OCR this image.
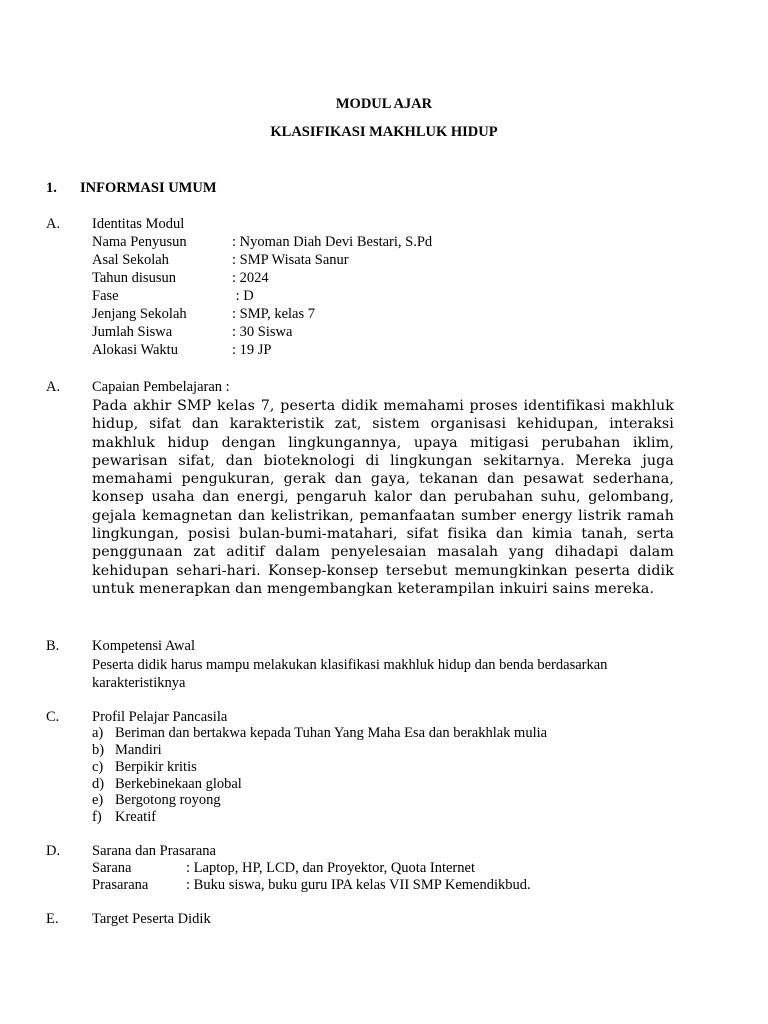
MODUL AJAR
KLASIFIKASI MAKHLUK HIDUP
1. INFORMASI UMUM
A. Identitas Modul
Nama Penyusun	: Nyoman Diah Devi Bestari, S.Pd
Asal Sekolah	: SMP Wisata Sanur
Tahun disusun	: 2024
Fase	: D
Jenjang Sekolah	: SMP, kelas 7
Jumlah Siswa	: 30 Siswa
Alokasi Waktu	: 19 JP
A. Capaian Pembelajaran :
Pada akhir SMP kelas 7, peserta didik memahami proses identifikasi makhluk hidup, sifat dan karakteristik zat, sistem organisasi kehidupan, interaksi makhluk hidup dengan lingkungannya, upaya mitigasi perubahan iklim, pewarisan sifat, dan bioteknologi di lingkungan sekitarnya. Mereka juga memahami pengukuran, gerak dan gaya, tekanan dan pesawat sederhana, konsep usaha dan energi, pengaruh kalor dan perubahan suhu, gelombang, gejala kemagnetan dan kelistrikan, pemanfaatan sumber energy listrik ramah lingkungan, posisi bulan-bumi-matahari, sifat fisika dan kimia tanah, serta penggunaan zat aditif dalam penyelesaian masalah yang dihadapi dalam kehidupan sehari-hari. Konsep-konsep tersebut memungkinkan peserta didik untuk menerapkan dan mengembangkan keterampilan inkuiri sains mereka.
B. Kompetensi Awal
Peserta didik harus mampu melakukan klasifikasi makhluk hidup dan benda berdasarkan karakteristiknya
C. Profil Pelajar Pancasila
a) Beriman dan bertakwa kepada Tuhan Yang Maha Esa dan berakhlak mulia
b) Mandiri
c) Berpikir kritis
d) Berkebinekaan global
e) Bergotong royong
f) Kreatif
D. Sarana dan Prasarana
Sarana	: Laptop, HP, LCD, dan Proyektor, Quota Internet
Prasarana	: Buku siswa, buku guru IPA kelas VII SMP Kemendikbud.
E. Target Peserta Didik
